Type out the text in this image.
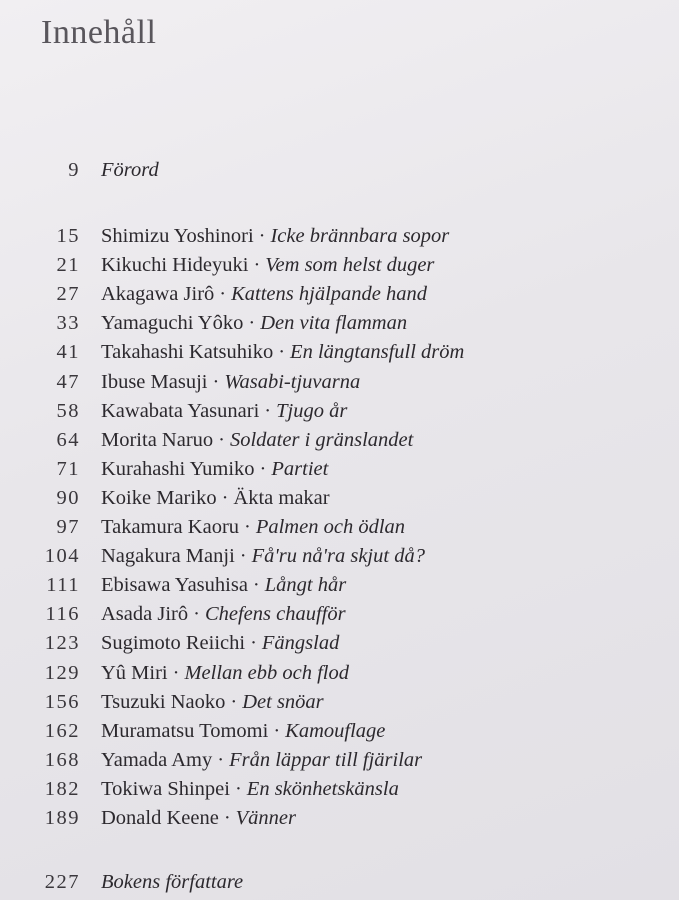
Innehåll
9 Förord
15 Shimizu Yoshinori · Icke brännbara sopor
21 Kikuchi Hideyuki · Vem som helst duger
27 Akagawa Jirô · Kattens hjälpande hand
33 Yamaguchi Yôko · Den vita flamman
41 Takahashi Katsuhiko · En längtansfull dröm
47 Ibuse Masuji · Wasabi-tjuvarna
58 Kawabata Yasunari · Tjugo år
64 Morita Naruo · Soldater i gränslandet
71 Kurahashi Yumiko · Partiet
90 Koike Mariko · Äkta makar
97 Takamura Kaoru · Palmen och ödlan
104 Nagakura Manji · Få'ru nå'ra skjut då?
111 Ebisawa Yasuhisa · Långt hår
116 Asada Jirô · Chefens chaufför
123 Sugimoto Reiichi · Fängslad
129 Yû Miri · Mellan ebb och flod
156 Tsuzuki Naoko · Det snöar
162 Muramatsu Tomomi · Kamouflage
168 Yamada Amy · Från läppar till fjärilar
182 Tokiwa Shinpei · En skönhetskänsla
189 Donald Keene · Vänner
227 Bokens författare
